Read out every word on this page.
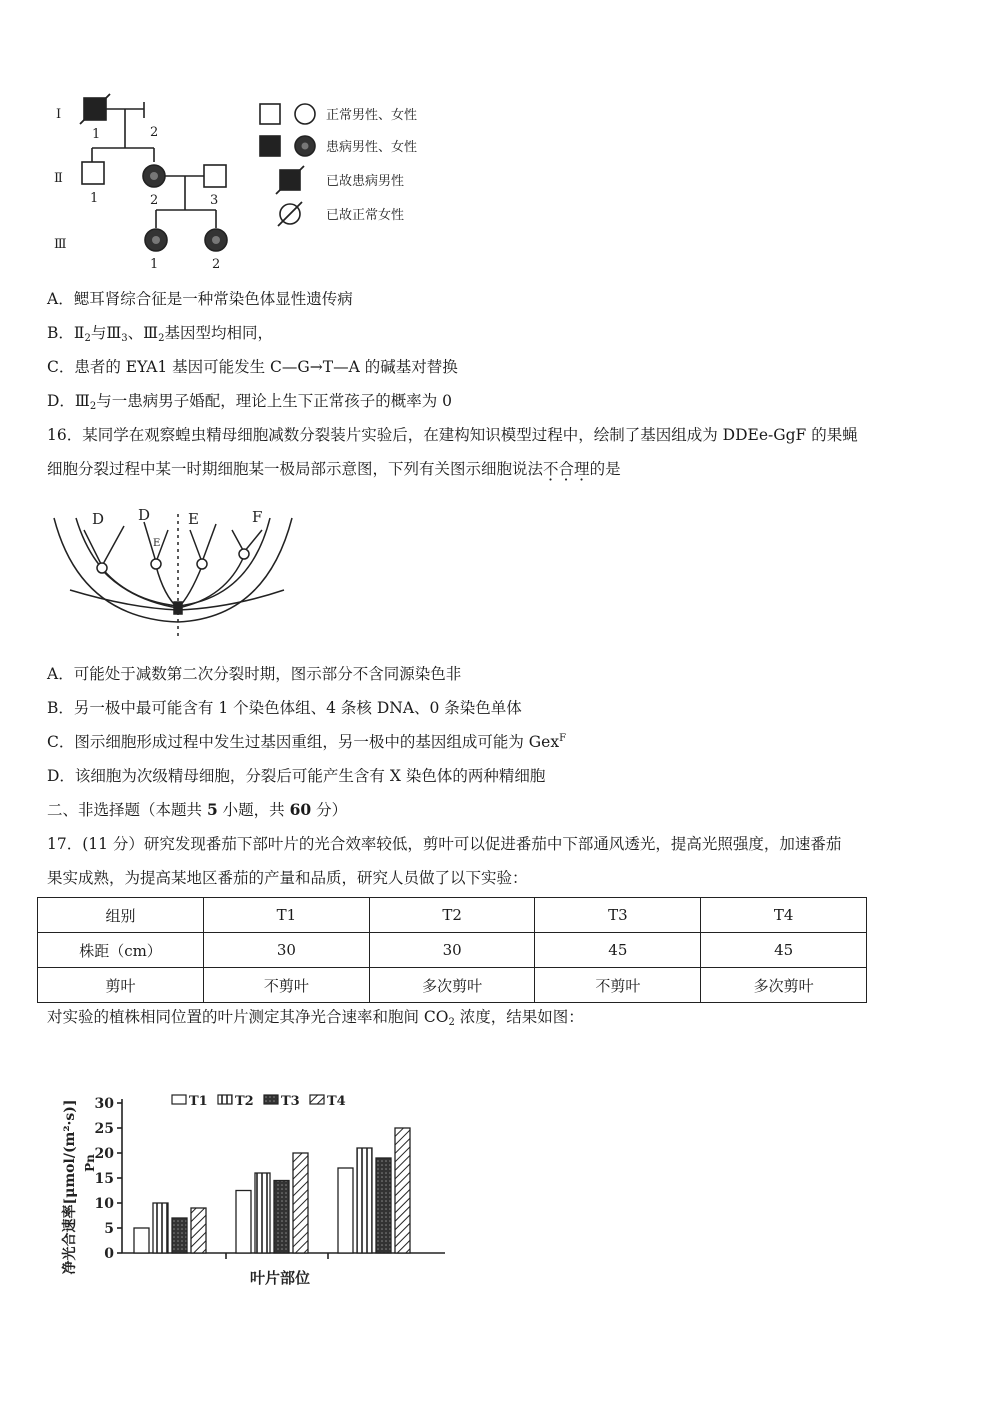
Ⅰ
Ⅱ
Ⅲ
1	2
1	2	3
1	2
正常男性、女性
患病男性、女性
已故患病男性
已故正常女性
A．鳃耳肾综合征是一种常染色体显性遗传病
B．$Ⅱ_2$与$Ⅲ_3$、$Ⅲ_2$基因型均相同，
C．患者的 EYA1 基因可能发生 C—G→T—A 的碱基对替换
D．$Ⅲ_2$与一患病男子婚配，理论上生下正常孩子的概率为 0
16．某同学在观察蝗虫精母细胞减数分裂装片实验后，在建构知识模型过程中，绘制了基因组成为 DDEe-GgF 的果蝇
细胞分裂过程中某一时期细胞某一极局部示意图，下列有关图示细胞说法不合理的是
D D
E
E	F
A．可能处于减数第二次分裂时期，图示部分不含同源染色非
B．另一极中最可能含有 1 个染色体组、4 条核 DNA、0 条染色单体
C．图示细胞形成过程中发生过基因重组，另一极中的基因组成可能为 Gex$^F$
D．该细胞为次级精母细胞，分裂后可能产生含有 X 染色体的两种精细胞
二、非选择题（本题共 5 小题，共 60 分）
17．(11 分）研究发现番茄下部叶片的光合效率较低，剪叶可以促进番茄中下部通风透光，提高光照强度，加速番茄
果实成熟，为提高某地区番茄的产量和品质，研究人员做了以下实验：
组别	T1	T2	T3	T4
株距（cm）	30	30	45	45
剪叶	不剪叶	多次剪叶	不剪叶	多次剪叶
对实验的植株相同位置的叶片测定其净光合速率和胞间 $CO_2$ 浓度，结果如图：
0
5
10
15
20
25
30	T1 T2 T3 T4
净光合速率[μmol/(m²·s)] Pn
叶片部位
